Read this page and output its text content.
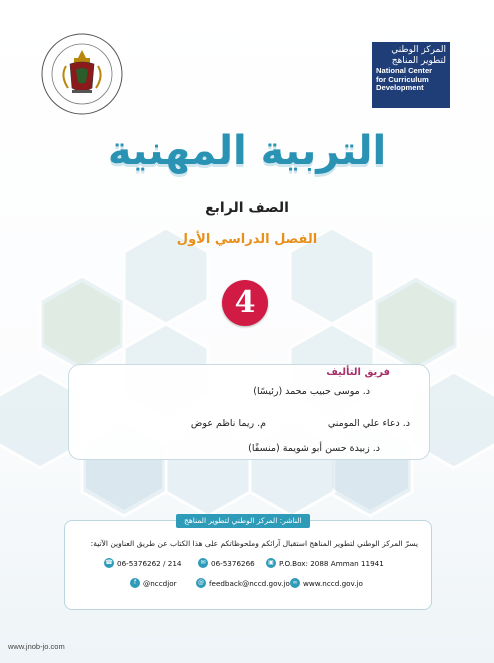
المركز الوطني
لتطوير المناهج
National Center
for Curriculum
Development
التربية المهنية
الصف الرابع
الفصل الدراسي الأول
4
فريق التأليف
د. موسى حبيب محمد (رئيسًا)
د. دعاء علي المومني
م. ريما ناظم عوض
د. زبيدة حسن أبو شويمة (منسقًا)
الناشر: المركز الوطني لتطوير المناهج
يسرّ المركز الوطني لتطوير المناهج استقبال آرائكم وملحوظاتكم على هذا الكتاب عن طريق العناوين الآتية:
☎ 06-5376262 / 214	✉ 06-5376266	▣ P.O.Box: 2088 Amman 11941
f @nccdjor	@ feedback@nccd.gov.jo ∞ www.nccd.gov.jo
www.jnob-jo.com
